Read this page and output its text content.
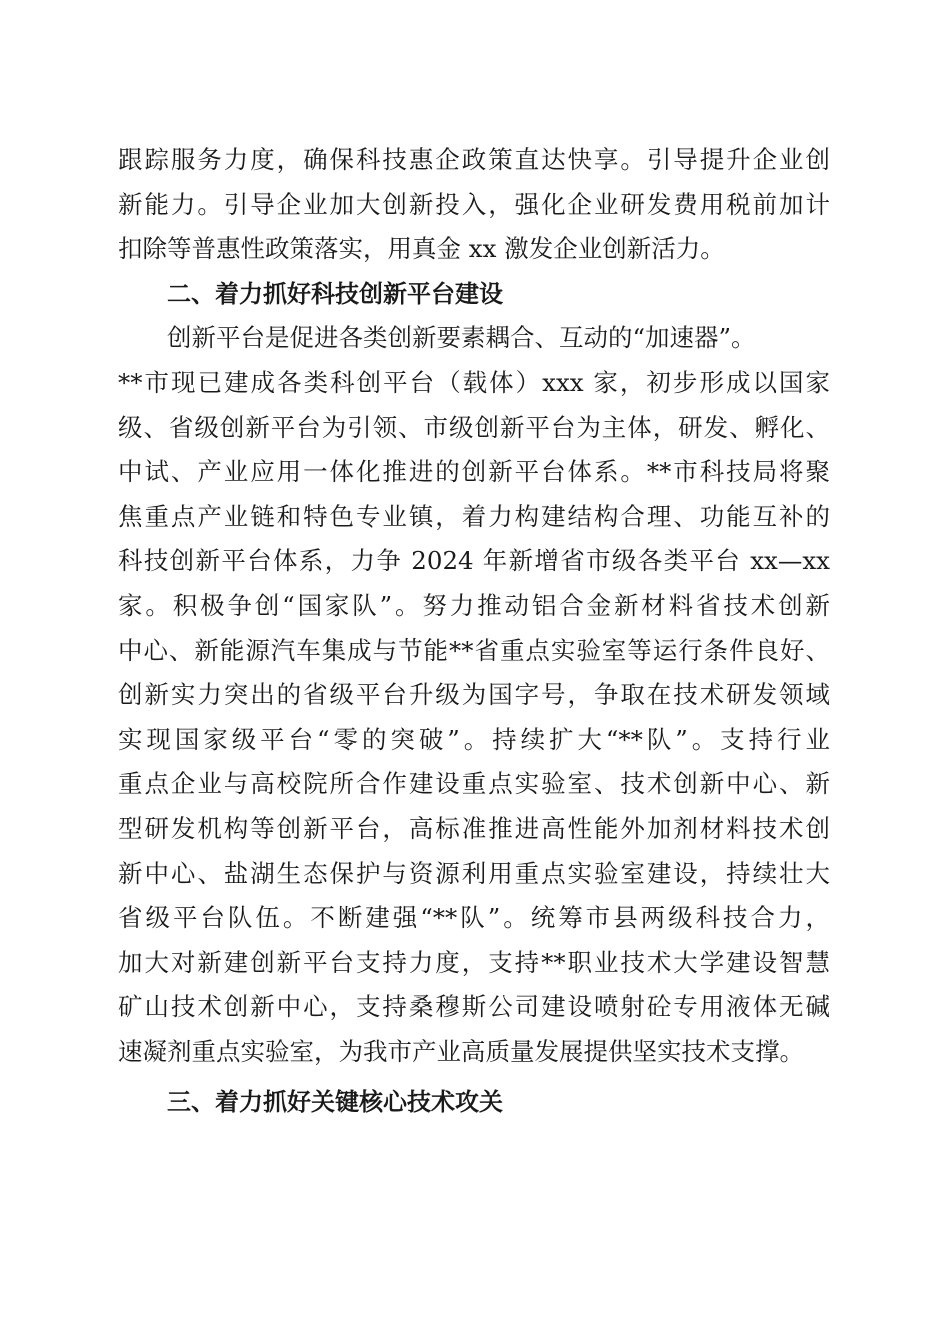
跟踪服务力度，确保科技惠企政策直达快享。引导提升企业创
新能力。引导企业加大创新投入，强化企业研发费用税前加计
扣除等普惠性政策落实，用真金 xx 激发企业创新活力。
二、着力抓好科技创新平台建设
创新平台是促进各类创新要素耦合、互动的“加速器”。
**市现已建成各类科创平台（载体）xxx 家，初步形成以国家
级、省级创新平台为引领、市级创新平台为主体，研发、孵化、
中试、产业应用一体化推进的创新平台体系。**市科技局将聚
焦重点产业链和特色专业镇，着力构建结构合理、功能互补的
科技创新平台体系，力争 2024 年新增省市级各类平台 xx—xx
家。积极争创“国家队”。努力推动铝合金新材料省技术创新
中心、新能源汽车集成与节能**省重点实验室等运行条件良好、
创新实力突出的省级平台升级为国字号，争取在技术研发领域
实现国家级平台“零的突破”。持续扩大“**队”。支持行业
重点企业与高校院所合作建设重点实验室、技术创新中心、新
型研发机构等创新平台，高标准推进高性能外加剂材料技术创
新中心、盐湖生态保护与资源利用重点实验室建设，持续壮大
省级平台队伍。不断建强“**队”。统筹市县两级科技合力，
加大对新建创新平台支持力度，支持**职业技术大学建设智慧
矿山技术创新中心，支持桑穆斯公司建设喷射砼专用液体无碱
速凝剂重点实验室，为我市产业高质量发展提供坚实技术支撑。
三、着力抓好关键核心技术攻关
